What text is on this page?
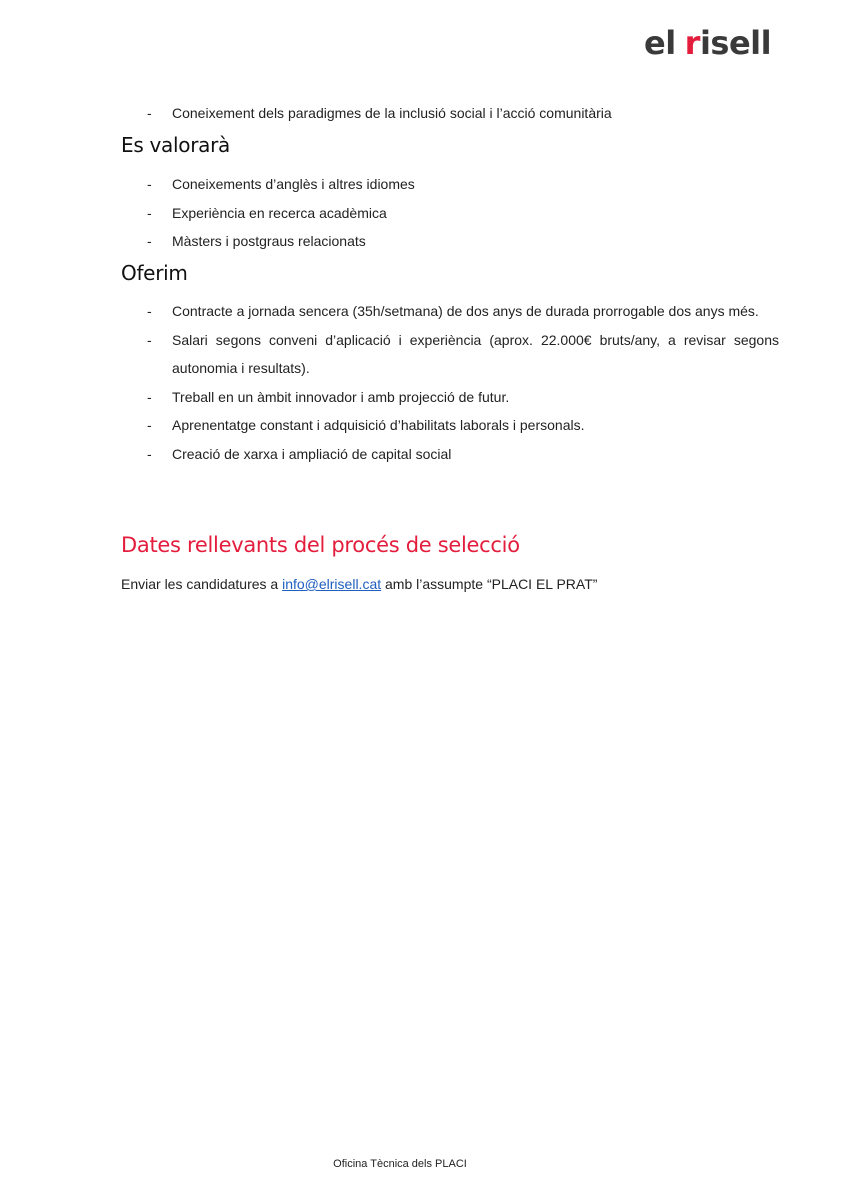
el r isell
- Coneixement dels paradigmes de la inclusió social i l’acció comunitària
Es valorarà
- Coneixements d’anglès i altres idiomes
- Experiència en recerca acadèmica
- Màsters i postgraus relacionats
Oferim
- Contracte a jornada sencera (35h/setmana) de dos anys de durada prorrogable dos anys més.
- Salari segons conveni d’aplicació i experiència (aprox. 22.000€ bruts/any, a revisar segons autonomia i resultats).
- Treball en un àmbit innovador i amb projecció de futur.
- Aprenentatge constant i adquisició d’habilitats laborals i personals.
- Creació de xarxa i ampliació de capital social
Dates rellevants del procés de selecció
Enviar les candidatures a info@elrisell.cat amb l’assumpte “PLACI EL PRAT”
Oficina Tècnica dels PLACI
